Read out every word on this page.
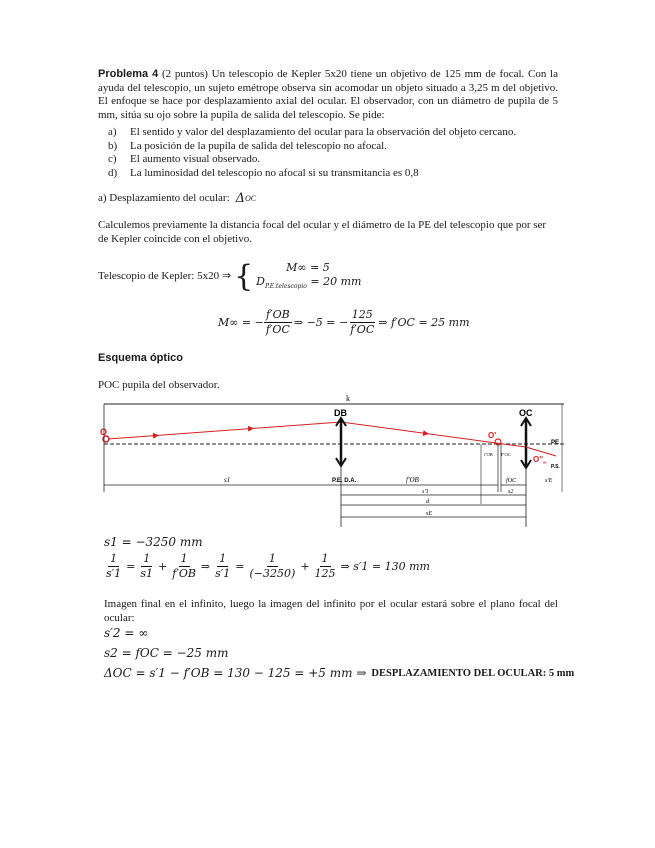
Problema 4 (2 puntos) Un telescopio de Kepler 5x20 tiene un objetivo de 125 mm de focal. Con la ayuda del telescopio, un sujeto emétrope observa sin acomodar un objeto situado a 3,25 m del objetivo. El enfoque se hace por desplazamiento axial del ocular. El observador, con un diámetro de pupila de 5 mm, sitúa su ojo sobre la pupila de salida del telescopio. Se pide:
a)	El sentido y valor del desplazamiento del ocular para la observación del objeto cercano.
b)	La posición de la pupila de salida del telescopio no afocal.
c)	El aumento visual observado.
d)	La luminosidad del telescopio no afocal si su transmitancia es 0,8
a) Desplazamiento del ocular: Δ OC
Calculemos previamente la distancia focal del ocular y el diámetro de la PE del telescopio que por ser de Kepler coincide con el objetivo.
Telescopio de Kepler: 5x20 ⇒ {	M∞ = 5
$D_{P.E.telescopio} = 20$ mm
M∞ = − $\frac{f'OB}{f'OC}$ ⇒ −5 = − $\frac{125}{f'OC}$ ⇒ f′OC = 25 mm
Esquema óptico
POC pupila del observador.
k
O
DB	OC
O'
$O''_\infty$
PE
P.S.
f′OB F′OC
s1	P.E. D.A.	f′OB	fOC	s′E
s′1	s2
d
sE
s1 = −3250 mm
$\frac{1}{s'1} = \frac{1}{s1} + \frac{1}{f'OB}$ ⇒ $\frac{1}{s'1} = \frac{1}{(-3250)} + \frac{1}{125}$ ⇒ s′1 = 130 mm
Imagen final en el infinito, luego la imagen del infinito por el ocular estará sobre el plano focal del ocular:
s′2 = ∞
s2 = fOC = −25 mm
ΔOC = s′1 − f′OB = 130 − 125 = +5 mm ⇒ DESPLAZAMIENTO DEL OCULAR: 5 mm
